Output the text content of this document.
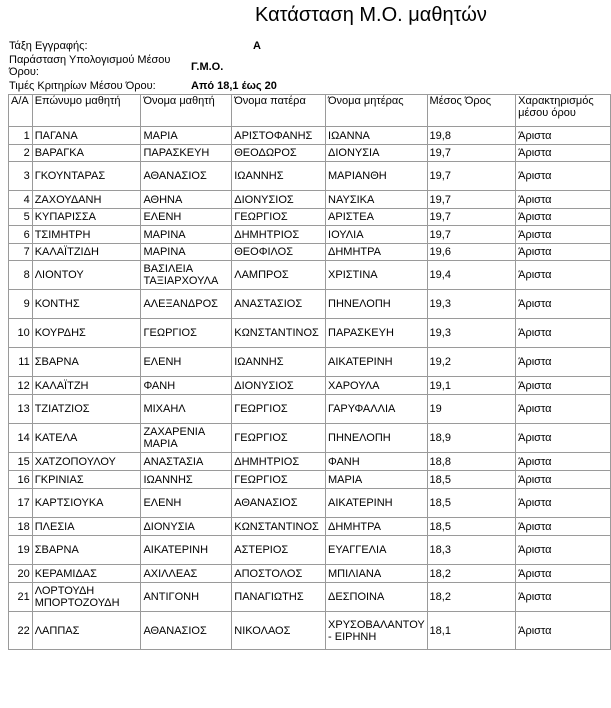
Κατάσταση Μ.Ο. μαθητών
Τάξη Εγγραφής:	Α
Παράσταση Υπολογισμού Μέσου
Όρου:	Γ.Μ.Ο.
Τιμές Κριτηρίων Μέσου Όρου:	Από 18,1 έως 20
Α/Α	Επώνυμο μαθητή	Όνομα μαθητή	Όνομα πατέρα	Όνομα μητέρας	Μέσος Όρος	Χαρακτηρισμός μέσου όρου
1	ΠΑΓΑΝΑ	ΜΑΡΙΑ	ΑΡΙΣΤΟΦΑΝΗΣ	ΙΩΑΝΝΑ	19,8	Άριστα
2	ΒΑΡΑΓΚΑ	ΠΑΡΑΣΚΕΥΗ	ΘΕΟΔΩΡΟΣ	ΔΙΟΝΥΣΙΑ	19,7	Άριστα
3	ΓΚΟΥΝΤΑΡΑΣ	ΑΘΑΝΑΣΙΟΣ	ΙΩΑΝΝΗΣ	ΜΑΡΙΑΝΘΗ	19,7	Άριστα
4	ΖΑΧΟΥΔΑΝΗ	ΑΘΗΝΑ	ΔΙΟΝΥΣΙΟΣ	ΝΑΥΣΙΚΑ	19,7	Άριστα
5	ΚΥΠΑΡΙΣΣΑ	ΕΛΕΝΗ	ΓΕΩΡΓΙΟΣ	ΑΡΙΣΤΕΑ	19,7	Άριστα
6	ΤΣΙΜΗΤΡΗ	ΜΑΡΙΝΑ	ΔΗΜΗΤΡΙΟΣ	ΙΟΥΛΙΑ	19,7	Άριστα
7	ΚΑΛΑΪΤΖΙΔΗ	ΜΑΡΙΝΑ	ΘΕΟΦΙΛΟΣ	ΔΗΜΗΤΡΑ	19,6	Άριστα
8	ΛΙΟΝΤΟΥ	ΒΑΣΙΛΕΙΑ ΤΑΞΙΑΡΧΟΥΛΑ	ΛΑΜΠΡΟΣ	ΧΡΙΣΤΙΝΑ	19,4	Άριστα
9	ΚΟΝΤΗΣ	ΑΛΕΞΑΝΔΡΟΣ	ΑΝΑΣΤΑΣΙΟΣ	ΠΗΝΕΛΟΠΗ	19,3	Άριστα
10	ΚΟΥΡΔΗΣ	ΓΕΩΡΓΙΟΣ	ΚΩΝΣΤΑΝΤΙΝΟΣ	ΠΑΡΑΣΚΕΥΗ	19,3	Άριστα
11	ΣΒΑΡΝΑ	ΕΛΕΝΗ	ΙΩΑΝΝΗΣ	ΑΙΚΑΤΕΡΙΝΗ	19,2	Άριστα
12	ΚΑΛΑΪΤΖΗ	ΦΑΝΗ	ΔΙΟΝΥΣΙΟΣ	ΧΑΡΟΥΛΑ	19,1	Άριστα
13	ΤΖΙΑΤΖΙΟΣ	ΜΙΧΑΗΛ	ΓΕΩΡΓΙΟΣ	ΓΑΡΥΦΑΛΛΙΑ	19	Άριστα
14	ΚΑΤΕΛΑ	ΖΑΧΑΡΕΝΙΑ ΜΑΡΙΑ	ΓΕΩΡΓΙΟΣ	ΠΗΝΕΛΟΠΗ	18,9	Άριστα
15	ΧΑΤΖΟΠΟΥΛΟΥ	ΑΝΑΣΤΑΣΙΑ	ΔΗΜΗΤΡΙΟΣ	ΦΑΝΗ	18,8	Άριστα
16	ΓΚΡΙΝΙΑΣ	ΙΩΑΝΝΗΣ	ΓΕΩΡΓΙΟΣ	ΜΑΡΙΑ	18,5	Άριστα
17	ΚΑΡΤΣΙΟΥΚΑ	ΕΛΕΝΗ	ΑΘΑΝΑΣΙΟΣ	ΑΙΚΑΤΕΡΙΝΗ	18,5	Άριστα
18	ΠΛΕΣΙΑ	ΔΙΟΝΥΣΙΑ	ΚΩΝΣΤΑΝΤΙΝΟΣ	ΔΗΜΗΤΡΑ	18,5	Άριστα
19	ΣΒΑΡΝΑ	ΑΙΚΑΤΕΡΙΝΗ	ΑΣΤΕΡΙΟΣ	ΕΥΑΓΓΕΛΙΑ	18,3	Άριστα
20	ΚΕΡΑΜΙΔΑΣ	ΑΧΙΛΛΕΑΣ	ΑΠΟΣΤΟΛΟΣ	ΜΠΙΛΙΑΝΑ	18,2	Άριστα
21	ΛΟΡΤΟΥΔΗ ΜΠΟΡΤΟΖΟΥΔΗ	ΑΝΤΙΓΟΝΗ	ΠΑΝΑΓΙΩΤΗΣ	ΔΕΣΠΟΙΝΑ	18,2	Άριστα
22	ΛΑΠΠΑΣ	ΑΘΑΝΑΣΙΟΣ	ΝΙΚΟΛΑΟΣ	ΧΡΥΣΟΒΑΛΑΝΤΟΥ - ΕΙΡΗΝΗ	18,1	Άριστα
